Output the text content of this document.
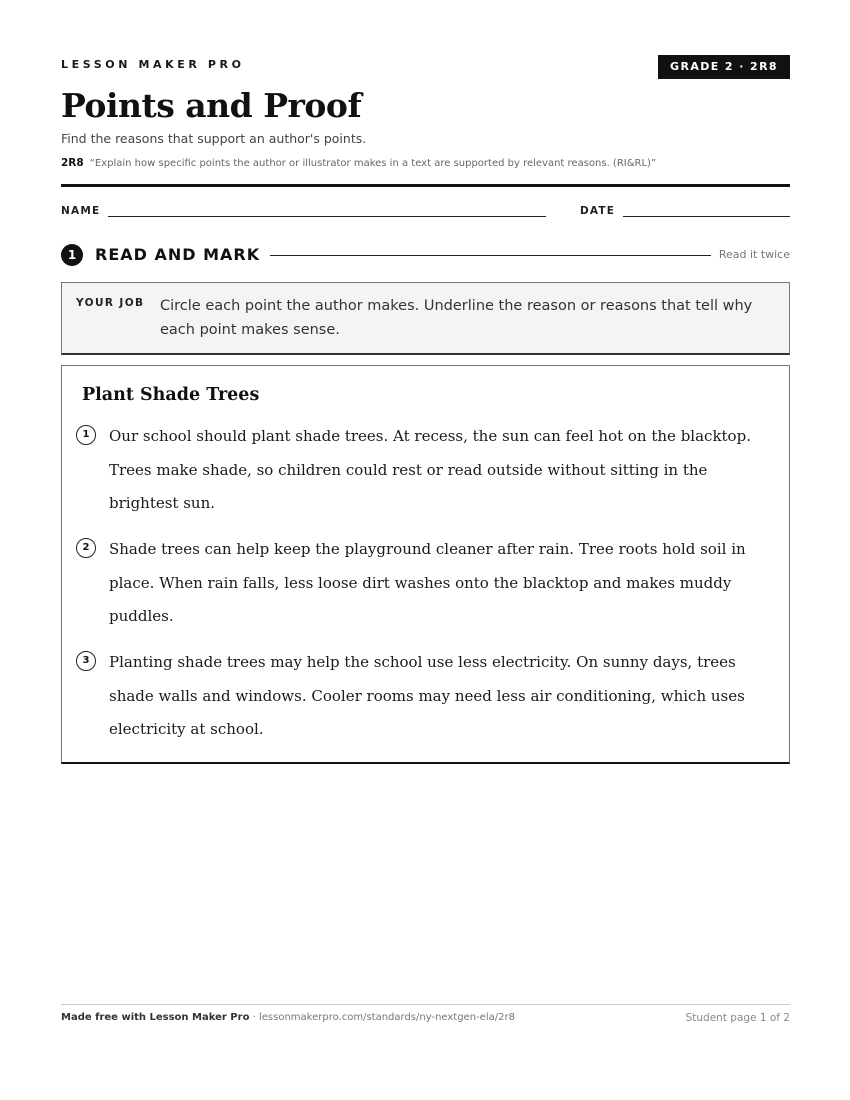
LESSON MAKER PRO	GRADE 2 · 2R8
Points and Proof
Find the reasons that support an author's points.
2R8 “Explain how specific points the author or illustrator makes in a text are supported by relevant reasons. (RI&RL)”
NAME	DATE
1	READ AND MARK	Read it twice
YOUR JOB Circle each point the author makes. Underline the reason or reasons that tell why each point makes sense.
Plant Shade Trees
1	Our school should plant shade trees. At recess, the sun can feel hot on the blacktop. Trees make shade, so children could rest or read outside without sitting in the brightest sun.
2	Shade trees can help keep the playground cleaner after rain. Tree roots hold soil in place. When rain falls, less loose dirt washes onto the blacktop and makes muddy puddles.
3	Planting shade trees may help the school use less electricity. On sunny days, trees shade walls and windows. Cooler rooms may need less air conditioning, which uses electricity at school.
Made free with Lesson Maker Pro · lessonmakerpro.com/standards/ny-nextgen-ela/2r8	Student page 1 of 2
